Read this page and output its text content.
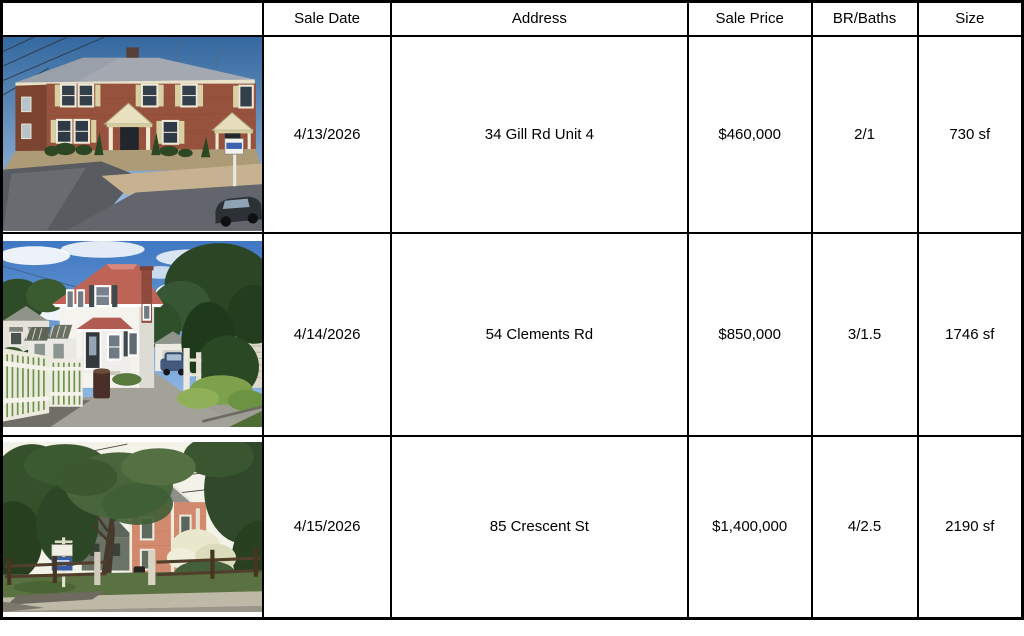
	Sale Date	Address	Sale Price	BR/Baths	Size

	4/13/2026	34 Gill Rd Unit 4	$460,000	2/1	730 sf

	4/14/2026	54 Clements Rd	$850,000	3/1.5	1746 sf

	4/15/2026	85 Crescent St	$1,400,000	4/2.5	2190 sf
